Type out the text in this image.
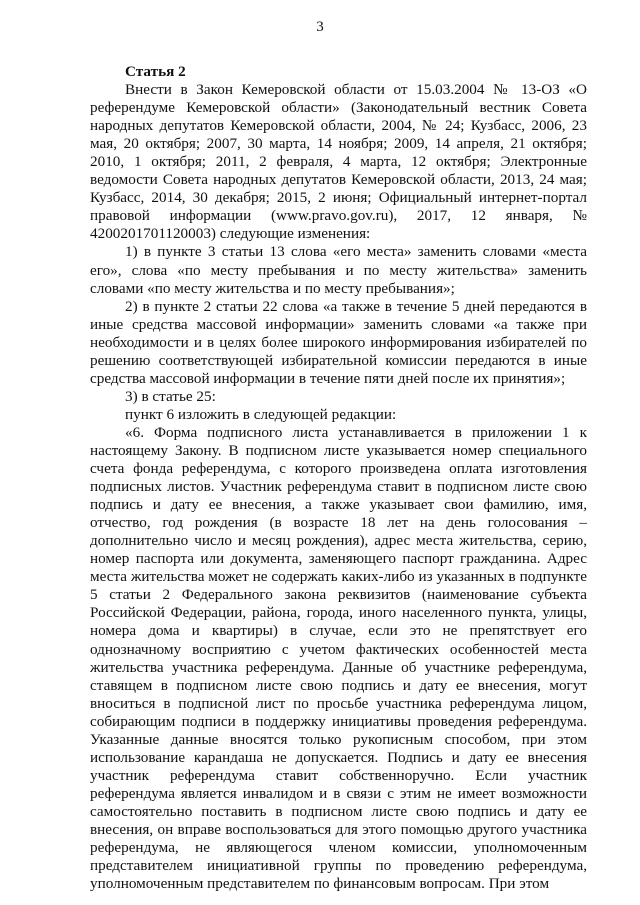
3

Статья 2

Внести в Закон Кемеровской области от 15.03.2004 № 13-ОЗ «О референдуме Кемеровской области» (Законодательный вестник Совета народных депутатов Кемеровской области, 2004, № 24; Кузбасс, 2006, 23 мая, 20 октября; 2007, 30 марта, 14 ноября; 2009, 14 апреля, 21 октября; 2010, 1 октября; 2011, 2 февраля, 4 марта, 12 октября; Электронные ведомости Совета народных депутатов Кемеровской области, 2013, 24 мая; Кузбасс, 2014, 30 декабря; 2015, 2 июня; Официальный интернет-портал правовой информации (www.pravo.gov.ru), 2017, 12 января, № 4200201701120003) следующие изменения:

1) в пункте 3 статьи 13 слова «его места» заменить словами «места его», слова «по месту пребывания и по месту жительства» заменить словами «по месту жительства и по месту пребывания»;

2) в пункте 2 статьи 22 слова «а также в течение 5 дней передаются в иные средства массовой информации» заменить словами «а также при необходимости и в целях более широкого информирования избирателей по решению соответствующей избирательной комиссии передаются в иные средства массовой информации в течение пяти дней после их принятия»;

3) в статье 25:

пункт 6 изложить в следующей редакции:

«6. Форма подписного листа устанавливается в приложении 1 к настоящему Закону. В подписном листе указывается номер специального счета фонда референдума, с которого произведена оплата изготовления подписных листов. Участник референдума ставит в подписном листе свою подпись и дату ее внесения, а также указывает свои фамилию, имя, отчество, год рождения (в возрасте 18 лет на день голосования – дополнительно число и месяц рождения), адрес места жительства, серию, номер паспорта или документа, заменяющего паспорт гражданина. Адрес места жительства может не содержать каких-либо из указанных в подпункте 5 статьи 2 Федерального закона реквизитов (наименование субъекта Российской Федерации, района, города, иного населенного пункта, улицы, номера дома и квартиры) в случае, если это не препятствует его однозначному восприятию с учетом фактических особенностей места жительства участника референдума. Данные об участнике референдума, ставящем в подписном листе свою подпись и дату ее внесения, могут вноситься в подписной лист по просьбе участника референдума лицом, собирающим подписи в поддержку инициативы проведения референдума. Указанные данные вносятся только рукописным способом, при этом использование карандаша не допускается. Подпись и дату ее внесения участник референдума ставит собственноручно. Если участник референдума является инвалидом и в связи с этим не имеет возможности самостоятельно поставить в подписном листе свою подпись и дату ее внесения, он вправе воспользоваться для этого помощью другого участника референдума, не являющегося членом комиссии, уполномоченным представителем инициативной группы по проведению референдума, уполномоченным представителем по финансовым вопросам. При этом
